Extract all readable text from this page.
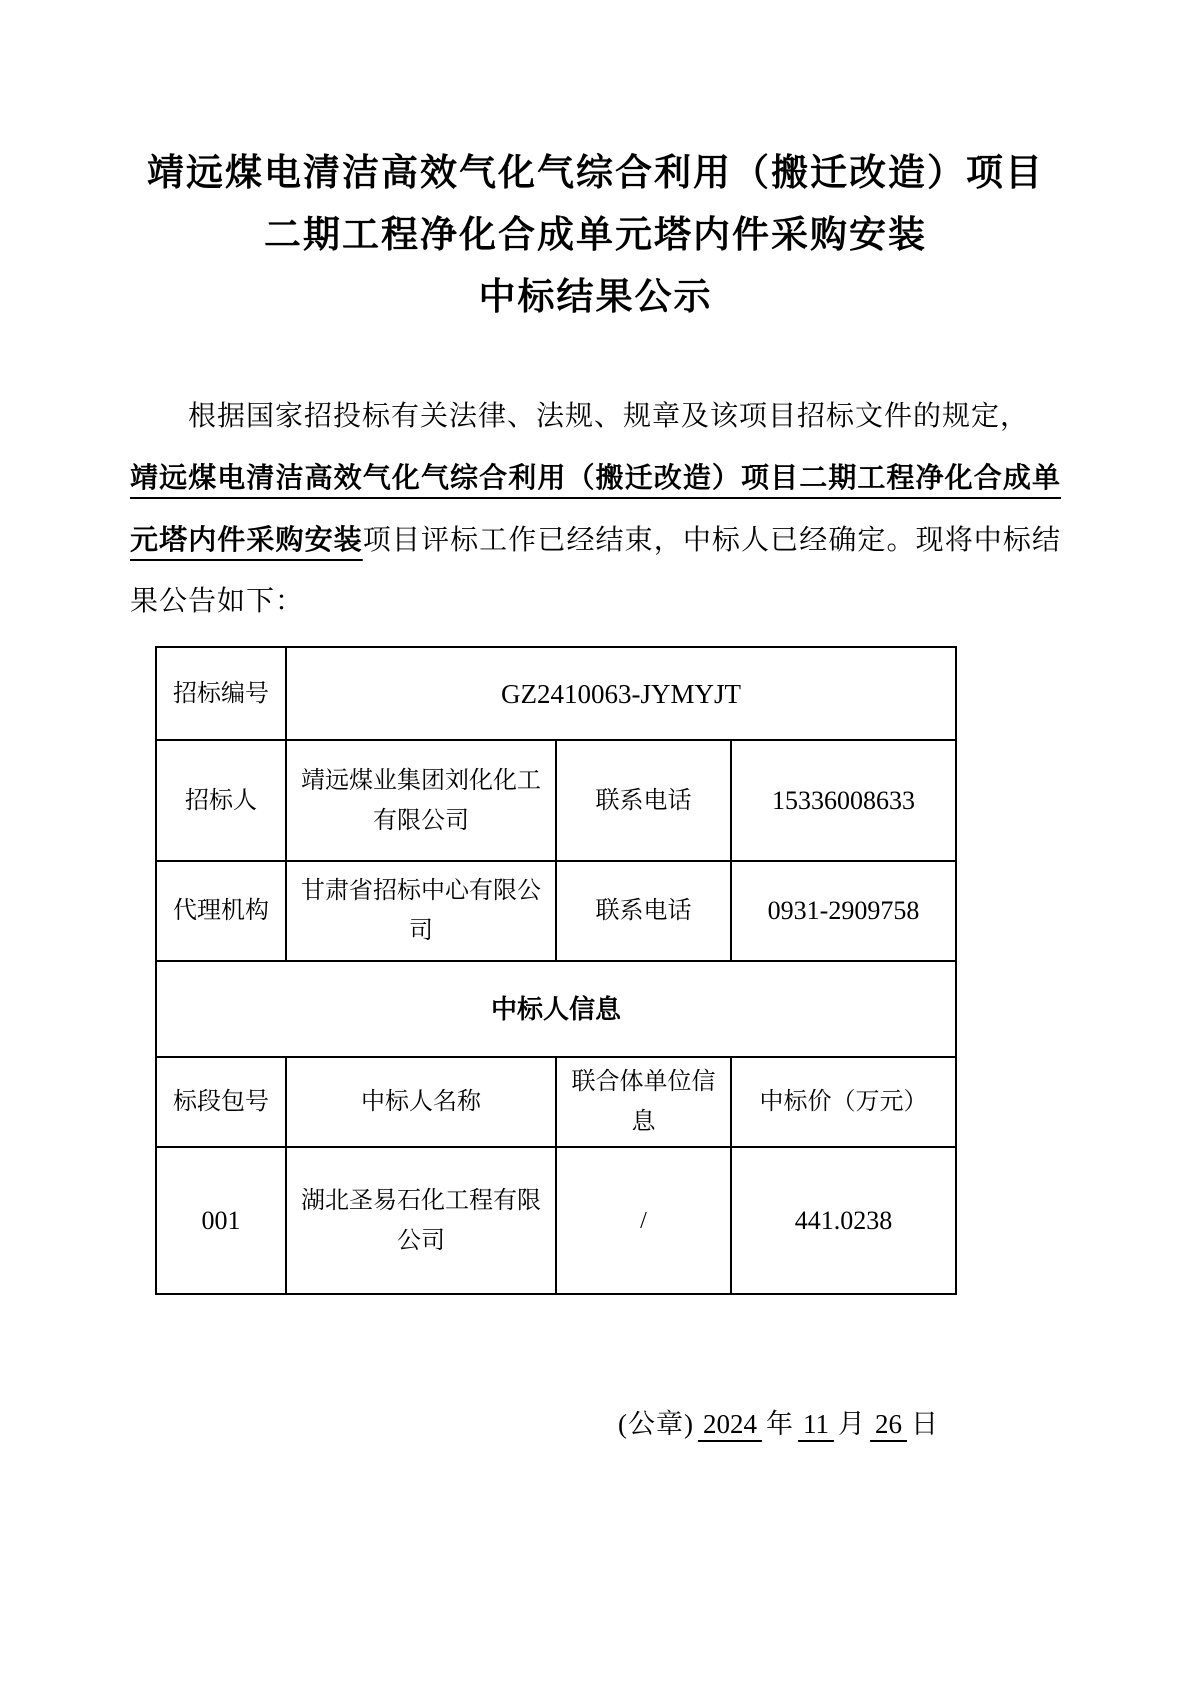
靖远煤电清洁高效气化气综合利用（搬迁改造）项目
二期工程净化合成单元塔内件采购安装
中标结果公示

根据国家招投标有关法律、法规、规章及该项目招标文件的规定，
靖远煤电清洁高效气化气综合利用（搬迁改造）项目二期工程净化合成单元塔内件采购安装项目评标工作已经结束，中标人已经确定。现将中标结果公告如下：

招标编号	GZ2410063-JYMYJT		
招标人	靖远煤业集团刘化化工有限公司	联系电话	15336008633
代理机构	甘肃省招标中心有限公司	联系电话	0931-2909758
中标人信息			
标段包号	中标人名称	联合体单位信息	中标价（万元）
001	湖北圣易石化工程有限公司	/	441.0238
(公章) 2024 年 11 月 26 日
